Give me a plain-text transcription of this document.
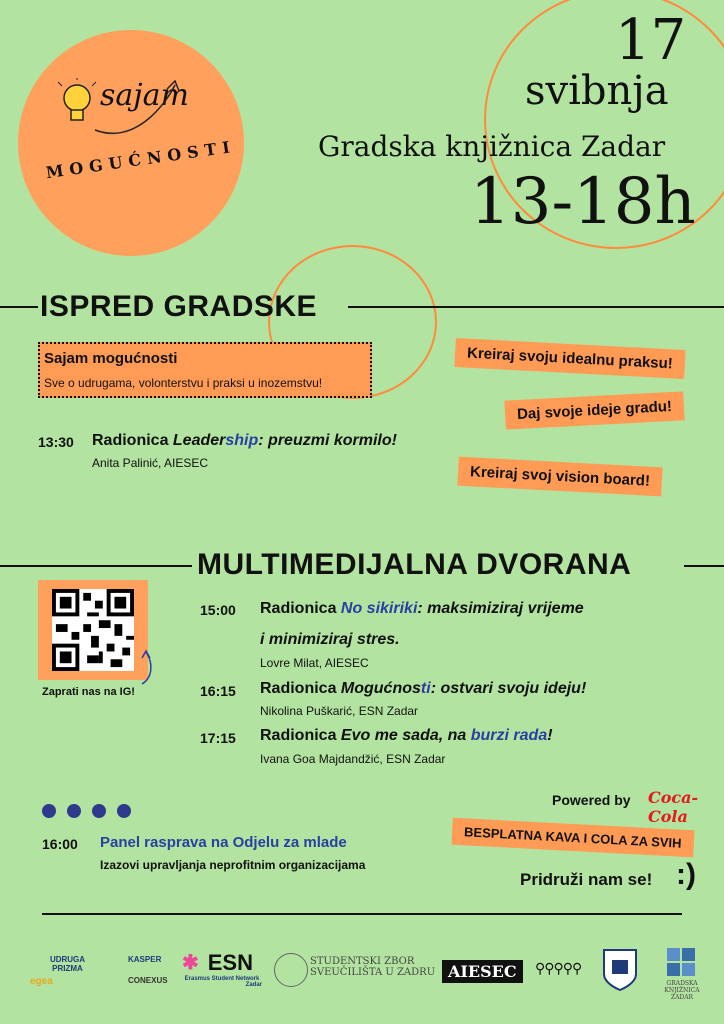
sajam
MOGUĆNOSTI
17
svibnja
Gradska knjižnica Zadar
13-18h
ISPRED GRADSKE
Sajam mogućnosti
Sve o udrugama, volonterstvu i praksi u inozemstvu!
13:30 Radionica Leadership: preuzmi kormilo!
Anita Palinić, AIESEC
Kreiraj svoju idealnu praksu!
Daj svoje ideje gradu!
Kreiraj svoj vision board!
MULTIMEDIJALNA DVORANA
Zaprati nas na IG!
15:00 Radionica No sikiriki: maksimiziraj vrijeme
i minimiziraj stres.
Lovre Milat, AIESEC
16:15 Radionica Mogućnosti: ostvari svoju ideju!
Nikolina Puškarić, ESN Zadar
17:15 Radionica Evo me sada, na burzi rada!
Ivana Goa Majdandžić, ESN Zadar
16:00 Panel rasprava na Odjelu za mlade
Izazovi upravljanja neprofitnim organizacijama
Powered by Coca-Cola
BESPLATNA KAVA I COLA ZA SVIH
Pridruži nam se! :)
UDRUGA PRIZMA
KASPER
egea	CONEXUS
✱ ESN
Erasmus Student Network
Zadar
STUDENTSKI ZBOR
SVEUČILIŠTA U ZADRU AIESEC	⚲⚲⚲⚲⚲
GRADSKA KNJIŽNICA
ZADAR
